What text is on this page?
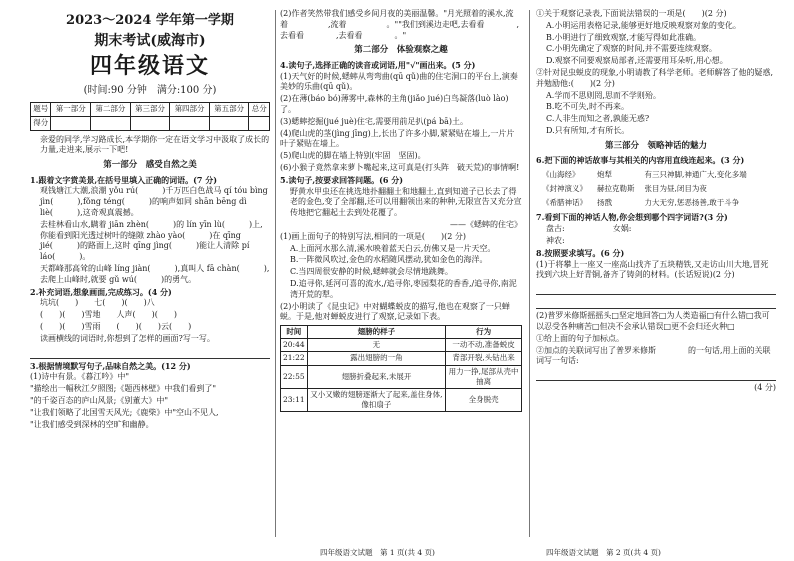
2023～2024 学年第一学期
期末考试(威海市)
四年级语文
(时间:90 分钟　满分:100 分)
题号	第一部分	第二部分	第三部分	第四部分	第五部分	总分
得分						

亲爱的同学,学习路成长,本学期你一定在语文学习中汲取了成长的力量,走进来,展示一下吧!

第一部分　感受自然之美

1.跟着文字赏美景,在括号里填入正确的词语。(7 分)

观钱塘江大潮,浪潮 yǒu rú(　　　)千万匹白色战马 qí tóu bìng jìn(　　　),fǒng téng(　　　)的响声如同 shān bēng dì liè(　　　),这奇观真震撼。

去桂林看山水,瞒着 jiān zhèn(　　　)的 lín yīn lù(　　　)上,你能看到阳光透过树叶的缝隙 zhào yào(　　　)在 qīng jié(　　　)的路面上,这时 qīng jìng(　　　)能让人清除 pí láo(　　　)。

天都峰那高耸的山峰 líng jiàn(　　　),真叫人 fā chàn(　　　),去爬上山峰时,就要 gǔ wú(　　　)的勇气。

2.补充词语,想象画面,完成练习。(4 分)

坑坑(　　)　　七(　　)(　　)八

(　　)(　　)雪地　　人声(　　)(　　)

(　　)(　　)雪雨　　(　　)(　　)云(　　)

读画横线的词语时,你想到了怎样的画面?写一写。

3.根据情境默写句子,品味自然之美。(12 分)

(1)诗中有景。《暮江吟》中"

"描绘出一幅秋江夕照图;《题西林壁》中我们看到了"

"的千姿百态的庐山风景;《别董大》中"

"让我们领略了北国雪天风光;《鹿柴》中"空山不见人,

"让我们感受到深林的空旷和幽静。

(2)作者笑然带我们感受乡间月夜的美丽温馨。"月光照着的溪水,流着　　　　　,流着　　　　　。""我们到溪边走吧,去看看　　　　,去看看　　　　,去看看　　　　。"

第二部分　体验观察之趣

4.读句子,选择正确的读音或词语,用"√"画出来。(5 分)

(1)天气好的时候,蟋蟀从弯弯曲(qū qǔ)曲的住宅洞口的平台上,演奏美妙的乐曲(qū qǔ)。

(2)在薄(báo bó)薄雾中,森林的主角(jiǎo jué)白鸟凝落(luò lào)了。

(3)蟋蟀挖掘(jué juè)住宅,需要用前足扒(pá bā)土。

(4)爬山虎的茎(jìng jīng)上,长出了许多小脚,紧紧贴在墙上,一片片叶子紧贴在墙上。

(5)爬山虎的脚在墙上特别(牢固　坚固)。

(6)小猴子竟然拿来萝卜嘴起来,这可真是(打头阵　破天荒)的事情啊!

5.读句子,按要求回答问题。(6 分)

野黄水甲虫还在挑选地扑翻翻土和地翻土,直到知道子已长去了得老的金色,变了全部翻,还可以用翻领出来的种种,无限宣告又充分宣传地把它翻起土去到处花覆了。

——《蟋蟀的住宅》

(1)画上面句子的特别写法,相同的一项是(　　)(2 分)

A.上面河水那么清,溪水映着蓝天白云,仿佛又是一片天空。

B.一阵微风吹过,金色的水稻随风摆动,犹如金色的海洋。

C.当四周很安静的时候,蟋蟀就会尽情地跳舞。

D.追寻你,延河可喜的流水,/追寻你,枣园梨花的香香,/追寻你,南泥湾开荒的犁。

(2)小明读了《昆虫记》中对蝴蝶蜕皮的描写,他也在观察了一只蝉蜕。于是,他对蝉蜕皮进行了观察,记录如下表。

时间	翅膀的样子	行为
20:44	无	一动不动,准备蜕皮
21:22	露出翅膀的一角	背部开裂,头钻出来
22:55	翅膀折叠起来,未展开	用力一挣,尾部从壳中抽离
23:11	又小又嫩的翅膀逐渐大了起来,盖住身体,像扣扇子	全身脱壳
四年级语文试题　第 1 页(共 4 页)

①关于观察记录表,下面说法错误的一项是(　　)(2 分)

A.小明运用表格记录,能够更好地反映观察对象的变化。

B.小明进行了细致观察,才能写得如此准确。

C.小明先确定了观察的时间,并不需要连续观察。

D.观察不同要观察局部者,还需要用耳朵听,用心想。

②针对昆虫蜕皮的现象,小明请教了科学老师。老师解答了他的疑惑,并勉励他:(　　)(2 分)

A.学而不思则罔,思而不学则殆。

B.吃不可失,时不再来。

C.人非生而知之者,孰能无惑?

D.只有所知,才有所长。

第三部分　领略神话的魅力

6.把下面的神话故事与其相关的内容用直线连起来。(3 分)

《山海经》	炮犁	有三只神脚,神通广大,变化多端
《封神演义》	赫拉克勒斯	张目为昼,闭目为夜
《希腊神话》	扬戬	力大无穷,惩恶扬善,敢于斗争

7.看到下面的神话人物,你会想到哪个四字词语?(3 分)

盘古:　　　　　　女娲:　　　　　　

神农:　　　　　　

8.按照要求填写。(6 分)

(1)于将攀上一座又一座高山找齐了五块精铁,又走访山川大地,冒死找到六块上好青铜,备齐了铸剑的材料。(长话短说)(2 分)

(2)普罗米修斯摇摇头□坚定地回答□为人类造福□有什么错□我可以忍受各种痛苦□但决不会承认错误□更不会归还火种□

①给上面的句子加标点。

②加点的关联词写出了普罗米修斯　　　　的一句话,用上面的关联词写一句话:

(4 分)

四年级语文试题　第 2 页(共 4 页)
